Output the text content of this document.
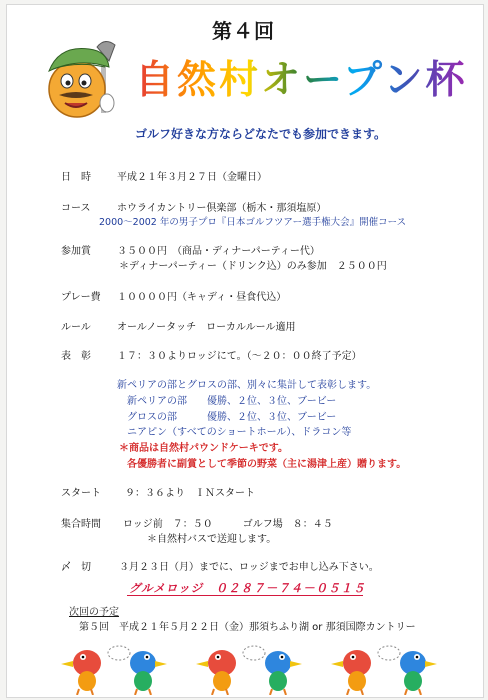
第４回
自然村オープン杯
ゴルフ好きな方ならどなたでも参加できます。
日　時	平成２１年３月２７日（金曜日）
コース	ホウライカントリー倶楽部（栃木・那須塩原）
2000～2002 年の男子プロ『日本ゴルフツアー選手権大会』開催コース
参加賞	３５００円　（商品・ディナーパーティー代）
＊ディナーパーティー（ドリンク込）のみ参加　２５００円
プレー費 １００００円（キャディ・昼食代込）
ルール	オールノータッチ　ローカルルール適用
表　彰	１７：３０よりロッジにて。（～２０：００終了予定）
新ペリアの部とグロスの部、別々に集計して表彰します。
新ペリアの部　　優勝、２位、３位、ブービー
グロスの部　　　優勝、２位、３位、ブービー
ニアピン（すべてのショートホール）、ドラコン等
＊商品は自然村パウンドケーキです。
各優勝者に副賞として季節の野菜（主に湯津上産）贈ります。
スタート ９：３６より　ＩＮスタート
集合時間 ロッジ前　７：５０　　　ゴルフ場　８：４５
＊自然村バスで送迎します。
〆　切	３月２３日（月）までに、ロッジまでお申し込み下さい。
グルメロッジ　０２８７－７４－０５１５
次回の予定
第５回　平成２１年５月２２日（金）那須ちふり湖 or 那須国際カントリー
